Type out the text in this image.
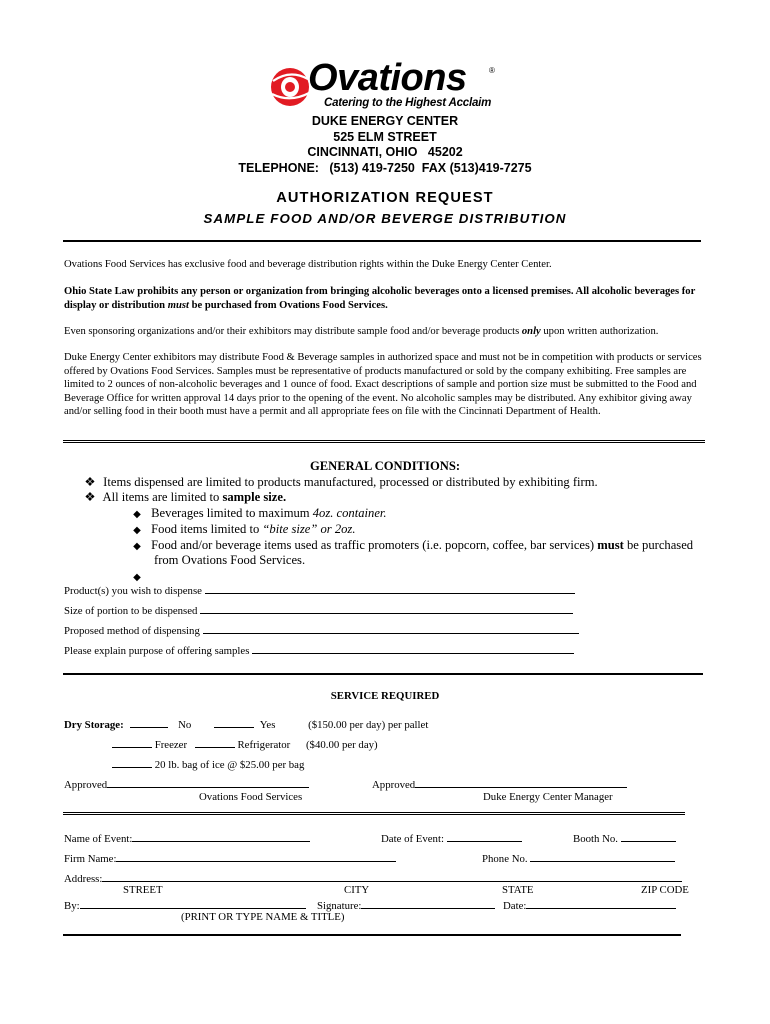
Ovations	®
Catering to the Highest Acclaim
DUKE ENERGY CENTER
525 ELM STREET
CINCINNATI, OHIO   45202
TELEPHONE:   (513) 419-7250  FAX (513)419-7275
AUTHORIZATION REQUEST
SAMPLE FOOD AND/OR BEVERGE DISTRIBUTION
Ovations Food Services has exclusive food and beverage distribution rights within the Duke Energy Center Center.
Ohio State Law prohibits any person or organization from bringing alcoholic beverages onto a licensed premises. All alcoholic beverages for display or distribution must be purchased from Ovations Food Services.
Even sponsoring organizations and/or their exhibitors may distribute sample food and/or beverage products only upon written authorization.
Duke Energy Center exhibitors may distribute Food & Beverage samples in authorized space and must not be in competition with products or services offered by Ovations Food Services. Samples must be representative of products manufactured or sold by the company exhibiting. Free samples are limited to 2 ounces of non-alcoholic beverages and 1 ounce of food. Exact descriptions of sample and portion size must be submitted to the Food and Beverage Office for written approval 14 days prior to the opening of the event. No alcoholic samples may be distributed. Any exhibitor giving away and/or selling food in their booth must have a permit and all appropriate fees on file with the Cincinnati Department of Health.
GENERAL CONDITIONS:
❖ Items dispensed are limited to products manufactured, processed or distributed by exhibiting firm.
❖ All items are limited to sample size.
◆ Beverages limited to maximum 4oz. container.
◆ Food items limited to “bite size” or 2oz.
◆ Food and/or beverage items used as traffic promoters (i.e. popcorn, coffee, bar services) must be purchased
from Ovations Food Services.
◆
Product(s) you wish to dispense
Size of portion to be dispensed
Proposed method of dispensing
Please explain purpose of offering samples
SERVICE REQUIRED
Dry Storage:	No	Yes	($150.00 per day) per pallet
Freezer	Refrigerator ($40.00 per day)
20 lb. bag of ice @ $25.00 per bag
Approved
Ovations Food Services
Approved
Duke Energy Center Manager
Name of Event:	Date of Event:	Booth No.
Firm Name:	Phone No.
Address:
STREET	CITY	STATE	ZIP CODE
By:	Signature:	Date:
(PRINT OR TYPE NAME & TITLE)
